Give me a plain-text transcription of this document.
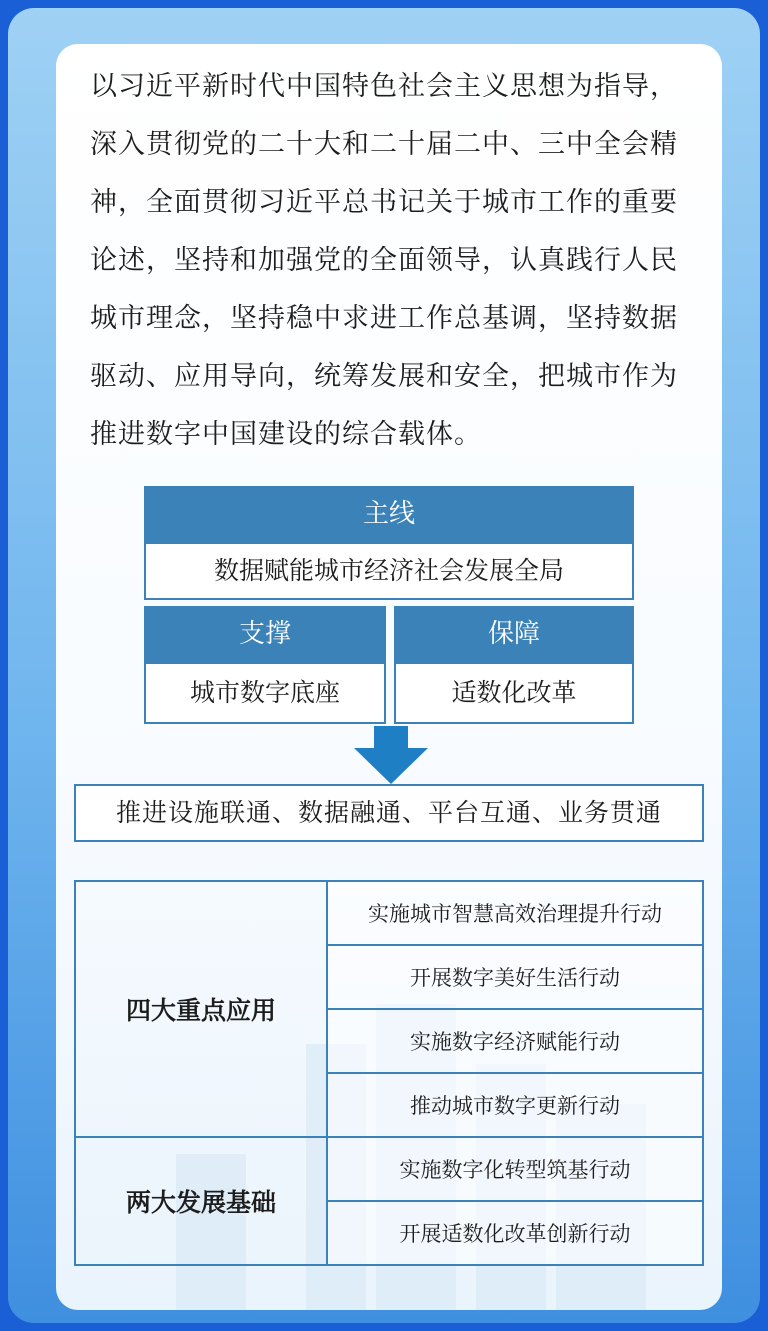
以习近平新时代中国特色社会主义思想为指导，深入贯彻党的二十大和二十届二中、三中全会精神，全面贯彻习近平总书记关于城市工作的重要论述，坚持和加强党的全面领导，认真践行人民城市理念，坚持稳中求进工作总基调，坚持数据驱动、应用导向，统筹发展和安全，把城市作为推进数字中国建设的综合载体。

主线
数据赋能城市经济社会发展全局
支撑
城市数字底座
保障
适数化改革
推进设施联通、数据融通、平台互通、业务贯通
四大重点应用	实施城市智慧高效治理提升行动
	开展数字美好生活行动
	实施数字经济赋能行动
	推动城市数字更新行动
两大发展基础	实施数字化转型筑基行动
	开展适数化改革创新行动
